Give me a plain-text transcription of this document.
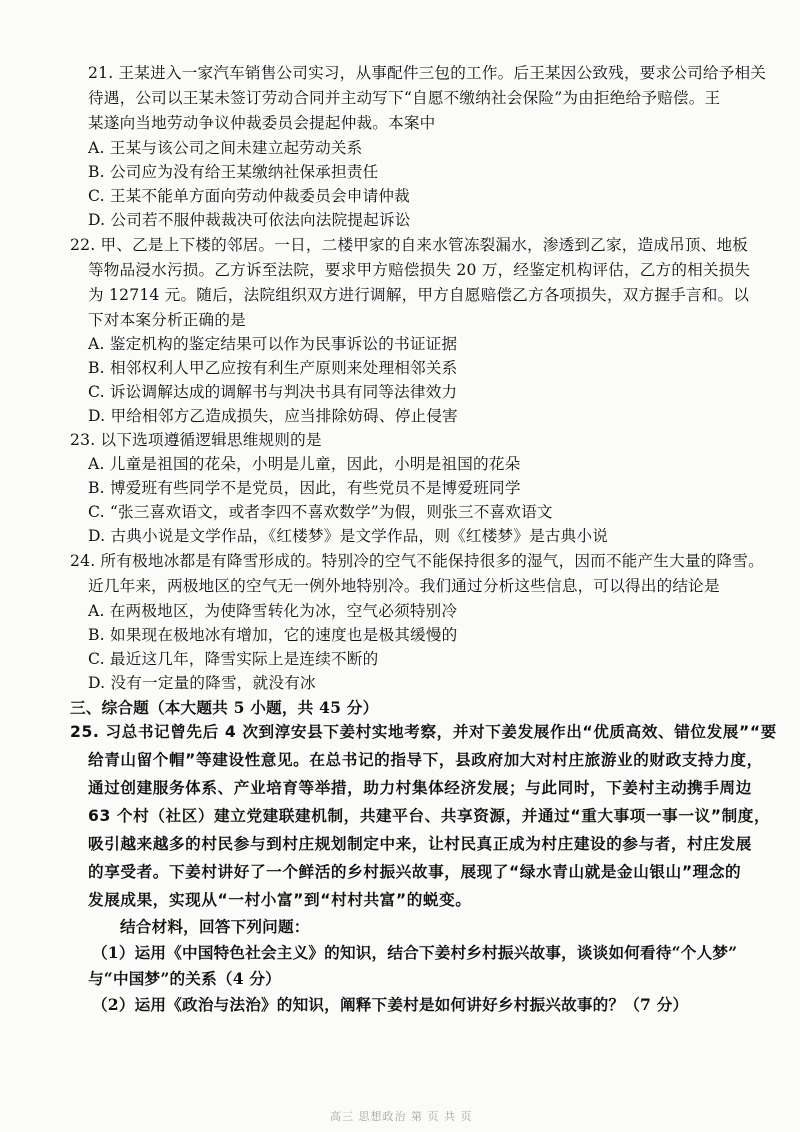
21. 王某进入一家汽车销售公司实习，从事配件三包的工作。后王某因公致残，要求公司给予相关
待遇，公司以王某未签订劳动合同并主动写下“自愿不缴纳社会保险”为由拒绝给予赔偿。王
某遂向当地劳动争议仲裁委员会提起仲裁。本案中
A. 王某与该公司之间未建立起劳动关系
B. 公司应为没有给王某缴纳社保承担责任
C. 王某不能单方面向劳动仲裁委员会申请仲裁
D. 公司若不服仲裁裁决可依法向法院提起诉讼
22. 甲、乙是上下楼的邻居。一日，二楼甲家的自来水管冻裂漏水，渗透到乙家，造成吊顶、地板
等物品浸水污损。乙方诉至法院，要求甲方赔偿损失 20 万，经鉴定机构评估，乙方的相关损失
为 12714 元。随后，法院组织双方进行调解，甲方自愿赔偿乙方各项损失，双方握手言和。以
下对本案分析正确的是
A. 鉴定机构的鉴定结果可以作为民事诉讼的书证证据
B. 相邻权利人甲乙应按有利生产原则来处理相邻关系
C. 诉讼调解达成的调解书与判决书具有同等法律效力
D. 甲给相邻方乙造成损失，应当排除妨碍、停止侵害
23. 以下选项遵循逻辑思维规则的是
A. 儿童是祖国的花朵，小明是儿童，因此，小明是祖国的花朵
B. 博爱班有些同学不是党员，因此，有些党员不是博爱班同学
C. “张三喜欢语文，或者李四不喜欢数学”为假，则张三不喜欢语文
D. 古典小说是文学作品，《红楼梦》是文学作品，则《红楼梦》是古典小说
24. 所有极地冰都是有降雪形成的。特别冷的空气不能保持很多的湿气，因而不能产生大量的降雪。
近几年来，两极地区的空气无一例外地特别冷。我们通过分析这些信息，可以得出的结论是
A. 在两极地区，为使降雪转化为冰，空气必须特别冷
B. 如果现在极地冰有增加，它的速度也是极其缓慢的
C. 最近这几年，降雪实际上是连续不断的
D. 没有一定量的降雪，就没有冰
三、综合题（本大题共 5 小题，共 45 分）
25. 习总书记曾先后 4 次到淳安县下姜村实地考察，并对下姜发展作出“优质高效、错位发展”“要
给青山留个帽”等建设性意见。在总书记的指导下，县政府加大对村庄旅游业的财政支持力度，
通过创建服务体系、产业培育等举措，助力村集体经济发展；与此同时，下姜村主动携手周边
63 个村（社区）建立党建联建机制，共建平台、共享资源，并通过“重大事项一事一议”制度，
吸引越来越多的村民参与到村庄规划制定中来，让村民真正成为村庄建设的参与者，村庄发展
的享受者。下姜村讲好了一个鲜活的乡村振兴故事，展现了“绿水青山就是金山银山”理念的
发展成果，实现从“一村小富”到“村村共富”的蜕变。
结合材料，回答下列问题：
（1）运用《中国特色社会主义》的知识，结合下姜村乡村振兴故事，谈谈如何看待“个人梦”
与“中国梦”的关系（4 分）
（2）运用《政治与法治》的知识，阐释下姜村是如何讲好乡村振兴故事的？（7 分）
高三 思想政治 第 页 共 页
